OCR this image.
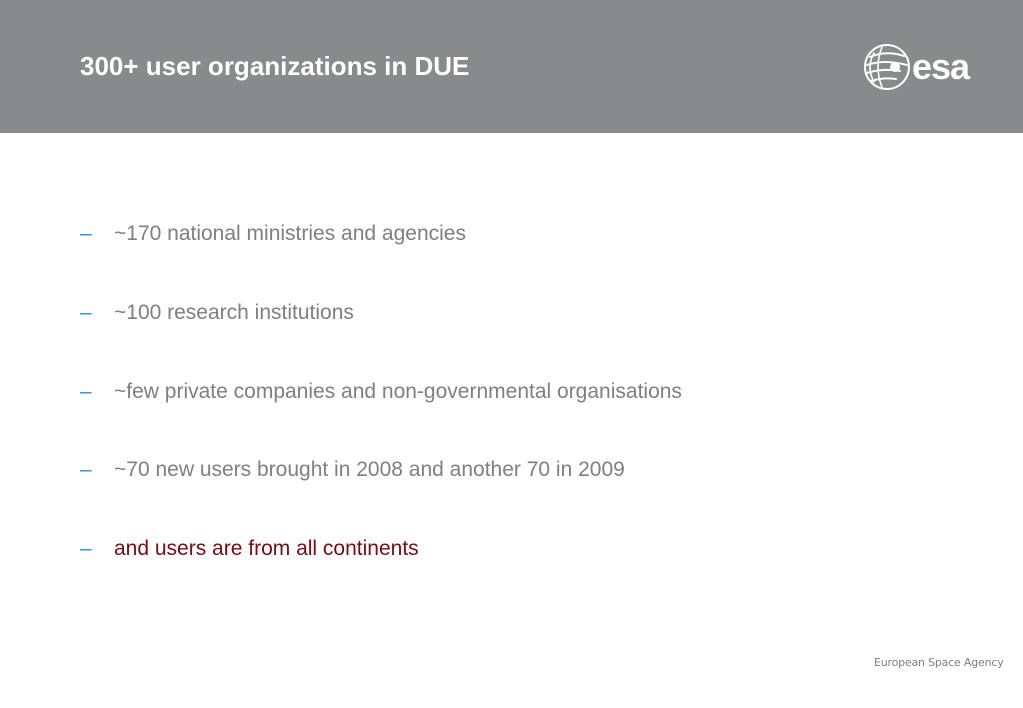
300+ user organizations in DUE	esa
– ~170 national ministries and agencies
– ~100 research institutions
– ~few private companies and non-governmental organisations
– ~70 new users brought in 2008 and another 70 in 2009
– and users are from all continents
European Space Agency
